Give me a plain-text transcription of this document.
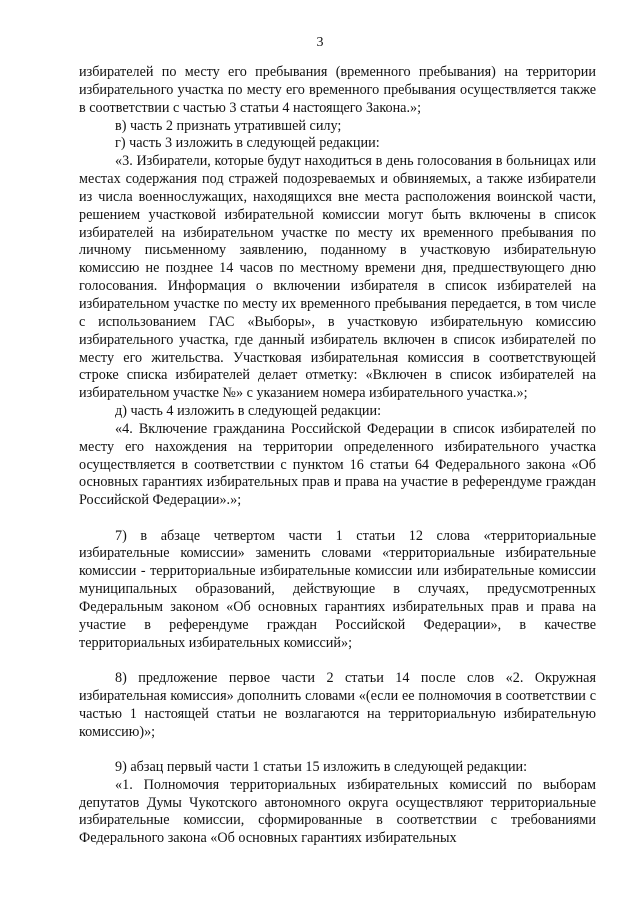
3

избирателей по месту его пребывания (временного пребывания) на территории избирательного участка по месту его временного пребывания осуществляется также в соответствии с частью 3 статьи 4 настоящего Закона.»;

в) часть 2 признать утратившей силу;

г) часть 3 изложить в следующей редакции:

«3. Избиратели, которые будут находиться в день голосования в больницах или местах содержания под стражей подозреваемых и обвиняемых, а также избиратели из числа военнослужащих, находящихся вне места расположения воинской части, решением участковой избирательной комиссии могут быть включены в список избирателей на избирательном участке по месту их временного пребывания по личному письменному заявлению, поданному в участковую избирательную комиссию не позднее 14 часов по местному времени дня, предшествующего дню голосования. Информация о включении избирателя в список избирателей на избирательном участке по месту их временного пребывания передается, в том числе с использованием ГАС «Выборы», в участковую избирательную комиссию избирательного участка, где данный избиратель включен в список избирателей по месту его жительства. Участковая избирательная комиссия в соответствующей строке списка избирателей делает отметку: «Включен в список избирателей на избирательном участке №» с указанием номера избирательного участка.»;

д) часть 4 изложить в следующей редакции:

«4. Включение гражданина Российской Федерации в список избирателей по месту его нахождения на территории определенного избирательного участка осуществляется в соответствии с пунктом 16 статьи 64 Федерального закона «Об основных гарантиях избирательных прав и права на участие в референдуме граждан Российской Федерации».»;

7) в абзаце четвертом части 1 статьи 12 слова «территориальные избирательные комиссии» заменить словами «территориальные избирательные комиссии - территориальные избирательные комиссии или избирательные комиссии муниципальных образований, действующие в случаях, предусмотренных Федеральным законом «Об основных гарантиях избирательных прав и права на участие в референдуме граждан Российской Федерации», в качестве территориальных избирательных комиссий»;

8) предложение первое части 2 статьи 14 после слов «2. Окружная избирательная комиссия» дополнить словами «(если ее полномочия в соответствии с частью 1 настоящей статьи не возлагаются на территориальную избирательную комиссию)»;

9) абзац первый части 1 статьи 15 изложить в следующей редакции:

«1. Полномочия территориальных избирательных комиссий по выборам депутатов Думы Чукотского автономного округа осуществляют территориальные избирательные комиссии, сформированные в соответствии с требованиями Федерального закона «Об основных гарантиях избирательных
